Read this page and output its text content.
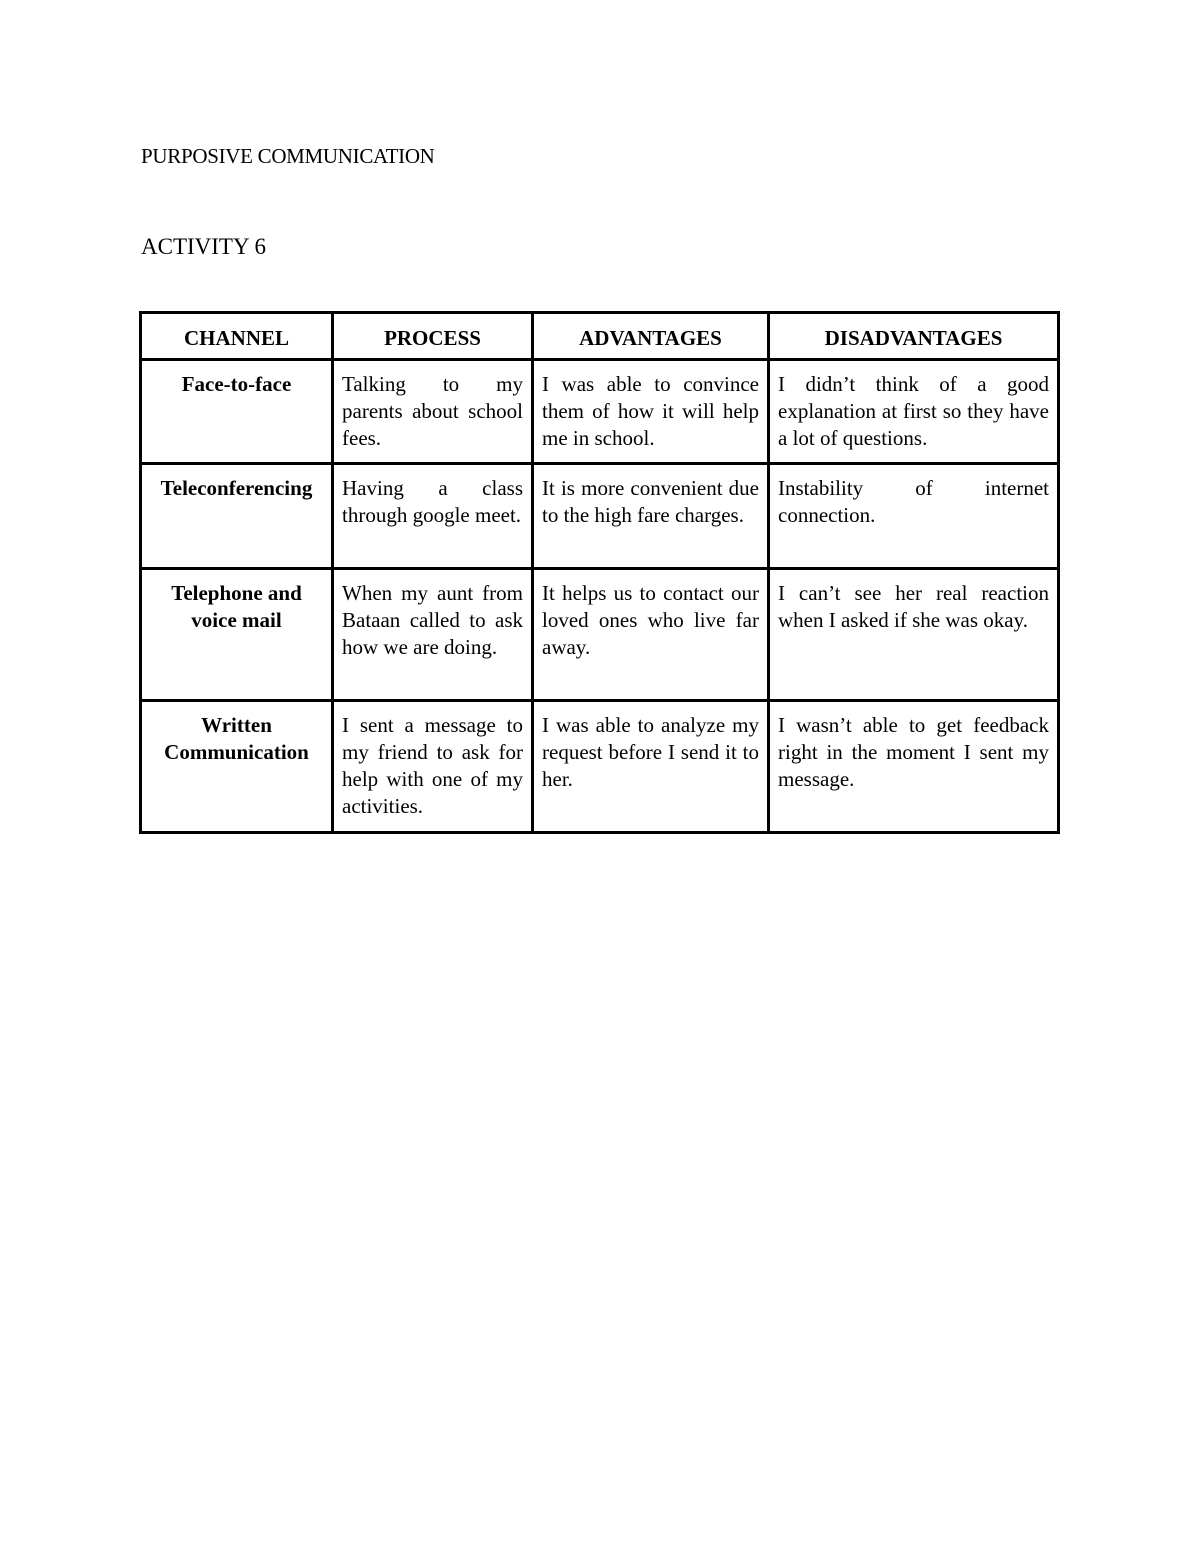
PURPOSIVE COMMUNICATION
ACTIVITY 6
CHANNEL	PROCESS	ADVANTAGES	DISADVANTAGES
Face-to-face	Talking to my parents about school fees.	I was able to convince them of how it will help me in school.	I didn’t think of a good explanation at first so they have a lot of questions.
Teleconferencing	Having a class through google meet.	It is more convenient due to the high fare charges.	Instability of internet connection.
Telephone and voice mail	When my aunt from Bataan called to ask how we are doing.	It helps us to contact our loved ones who live far away.	I can’t see her real reaction when I asked if she was okay.
Written Communication	I sent a message to my friend to ask for help with one of my activities.	I was able to analyze my request before I send it to her.	I wasn’t able to get feedback right in the moment I sent my message.
